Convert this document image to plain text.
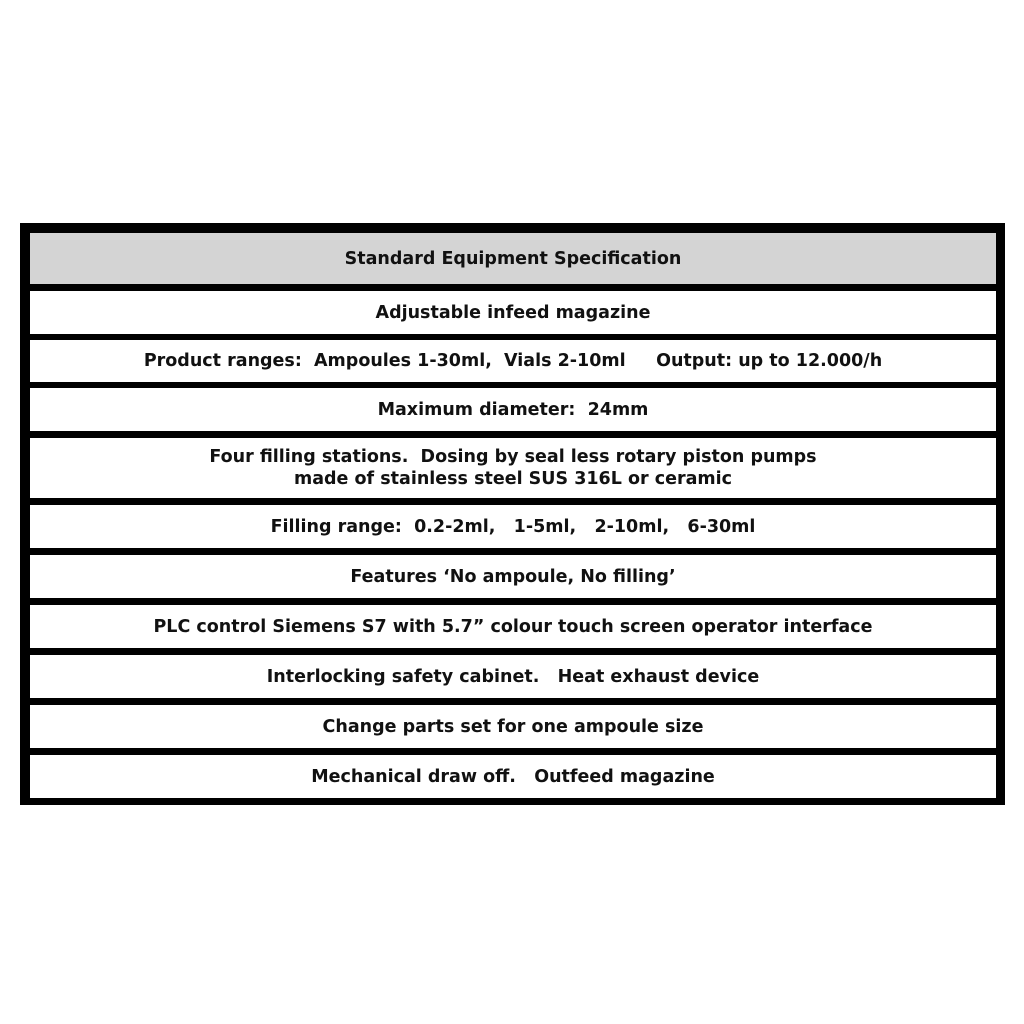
Standard Equipment Specification
Adjustable infeed magazine
Product ranges:  Ampoules 1-30ml,  Vials 2-10ml     Output: up to 12.000/h
Maximum diameter:  24mm
Four filling stations.  Dosing by seal less rotary piston pumps
made of stainless steel SUS 316L or ceramic
Filling range:  0.2-2ml,   1-5ml,   2-10ml,   6-30ml
Features ‘No ampoule, No filling’
PLC control Siemens S7 with 5.7” colour touch screen operator interface
Interlocking safety cabinet.   Heat exhaust device
Change parts set for one ampoule size
Mechanical draw off.   Outfeed magazine
